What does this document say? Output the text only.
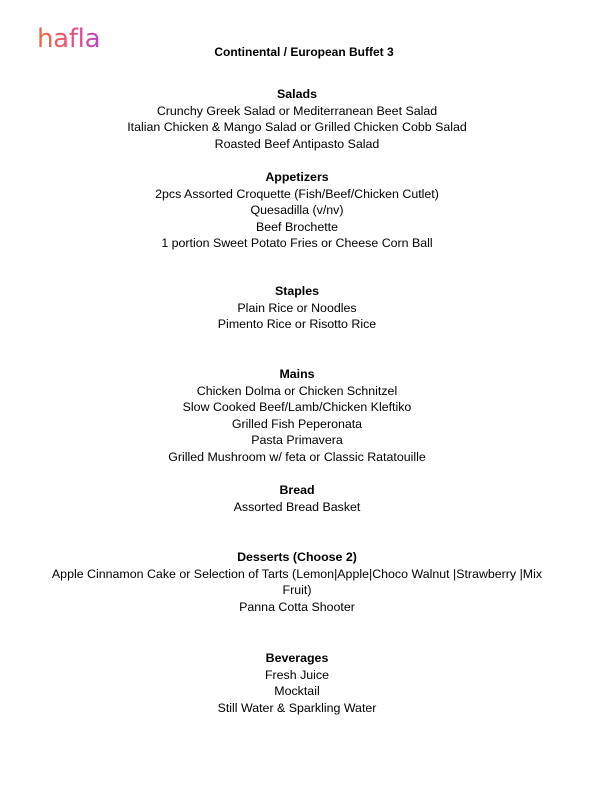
hafla	Continental / European Buffet 3
Salads
Crunchy Greek Salad or Mediterranean Beet Salad
Italian Chicken & Mango Salad or Grilled Chicken Cobb Salad
Roasted Beef Antipasto Salad
Appetizers
2pcs Assorted Croquette (Fish/Beef/Chicken Cutlet)
Quesadilla (v/nv)
Beef Brochette
1 portion Sweet Potato Fries or Cheese Corn Ball
Staples
Plain Rice or Noodles
Pimento Rice or Risotto Rice
Mains
Chicken Dolma or Chicken Schnitzel
Slow Cooked Beef/Lamb/Chicken Kleftiko
Grilled Fish Peperonata
Pasta Primavera
Grilled Mushroom w/ feta or Classic Ratatouille
Bread
Assorted Bread Basket
Desserts (Choose 2)
Apple Cinnamon Cake or Selection of Tarts (Lemon|Apple|Choco Walnut |Strawberry |Mix Fruit)
Panna Cotta Shooter
Beverages
Fresh Juice
Mocktail
Still Water & Sparkling Water
